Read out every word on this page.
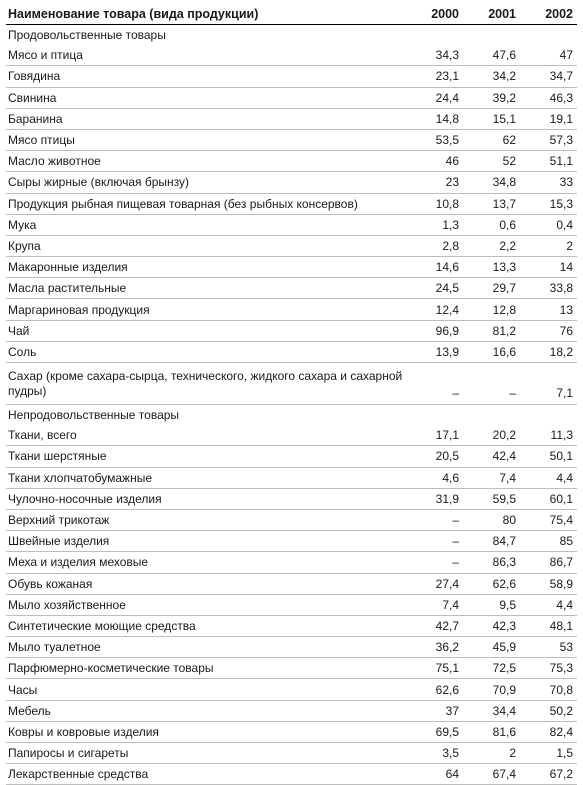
Наименование товара (вида продукции)	2000	2001	2002
Продовольственные товары			
Мясо и птица	34,3	47,6	47
Говядина	23,1	34,2	34,7
Свинина	24,4	39,2	46,3
Баранина	14,8	15,1	19,1
Мясо птицы	53,5	62	57,3
Масло животное	46	52	51,1
Сыры жирные (включая брынзу)	23	34,8	33
Продукция рыбная пищевая товарная (без рыбных консервов)	10,8	13,7	15,3
Мука	1,3	0,6	0,4
Крупа	2,8	2,2	2
Макаронные изделия	14,6	13,3	14
Масла растительные	24,5	29,7	33,8
Маргариновая продукция	12,4	12,8	13
Чай	96,9	81,2	76
Соль	13,9	16,6	18,2
Сахар (кроме сахара-сырца, технического, жидкого сахара и сахарной пудры)	–	–	7,1
Непродовольственные товары			
Ткани, всего	17,1	20,2	11,3
Ткани шерстяные	20,5	42,4	50,1
Ткани хлопчатобумажные	4,6	7,4	4,4
Чулочно-носочные изделия	31,9	59,5	60,1
Верхний трикотаж	–	80	75,4
Швейные изделия	–	84,7	85
Меха и изделия меховые	–	86,3	86,7
Обувь кожаная	27,4	62,6	58,9
Мыло хозяйственное	7,4	9,5	4,4
Синтетические моющие средства	42,7	42,3	48,1
Мыло туалетное	36,2	45,9	53
Парфюмерно-косметические товары	75,1	72,5	75,3
Часы	62,6	70,9	70,8
Мебель	37	34,4	50,2
Ковры и ковровые изделия	69,5	81,6	82,4
Папиросы и сигареты	3,5	2	1,5
Лекарственные средства	64	67,4	67,2
